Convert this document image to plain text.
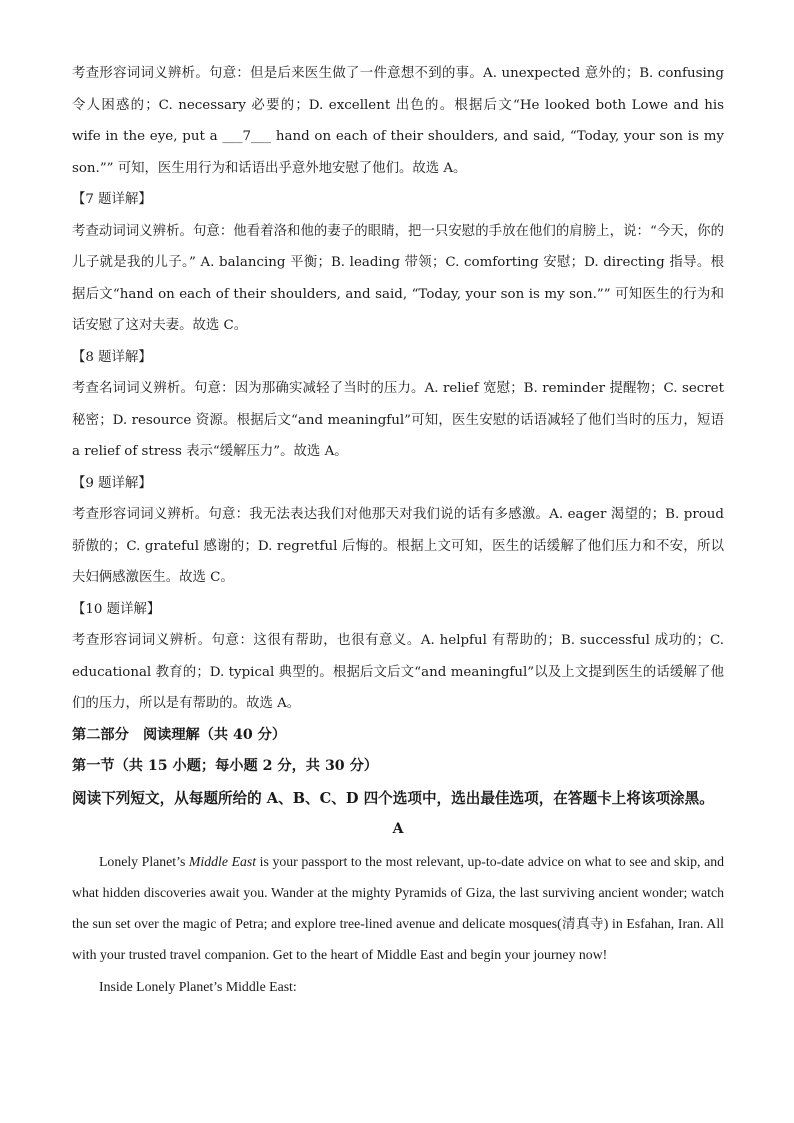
考查形容词词义辨析。句意：但是后来医生做了一件意想不到的事。A. unexpected 意外的；B. confusing 令人困惑的；C. necessary 必要的；D. excellent 出色的。根据后文“He looked both Lowe and his wife in the eye, put a ___7___ hand on each of their shoulders, and said, “Today, your son is my son.”” 可知，医生用行为和话语出乎意外地安慰了他们。故选 A。

【7 题详解】

考查动词词义辨析。句意：他看着洛和他的妻子的眼睛，把一只安慰的手放在他们的肩膀上，说：“今天，你的儿子就是我的儿子。” A. balancing 平衡；B. leading 带领；C. comforting 安慰；D. directing 指导。根据后文“hand on each of their shoulders, and said, “Today, your son is my son.”” 可知医生的行为和话安慰了这对夫妻。故选 C。

【8 题详解】

考查名词词义辨析。句意：因为那确实减轻了当时的压力。A. relief 宽慰；B. reminder 提醒物；C. secret 秘密；D. resource 资源。根据后文“and meaningful”可知，医生安慰的话语减轻了他们当时的压力，短语 a relief of stress 表示“缓解压力”。故选 A。

【9 题详解】

考查形容词词义辨析。句意：我无法表达我们对他那天对我们说的话有多感激。A. eager 渴望的；B. proud 骄傲的；C. grateful 感谢的；D. regretful 后悔的。根据上文可知，医生的话缓解了他们压力和不安，所以夫妇俩感激医生。故选 C。

【10 题详解】

考查形容词词义辨析。句意：这很有帮助，也很有意义。A. helpful 有帮助的；B. successful 成功的；C. educational 教育的；D. typical 典型的。根据后文后文“and meaningful”以及上文提到医生的话缓解了他们的压力，所以是有帮助的。故选 A。

第二部分　阅读理解（共 40 分）

第一节（共 15 小题；每小题 2 分，共 30 分）

阅读下列短文，从每题所给的 A、B、C、D 四个选项中，选出最佳选项，在答题卡上将该项涂黑。

A

Lonely Planet’s Middle East is your passport to the most relevant, up-to-date advice on what to see and skip, and what hidden discoveries await you. Wander at the mighty Pyramids of Giza, the last surviving ancient wonder; watch the sun set over the magic of Petra; and explore tree-lined avenue and delicate mosques(清真寺) in Esfahan, Iran. All with your trusted travel companion. Get to the heart of Middle East and begin your journey now!

Inside Lonely Planet’s Middle East:
